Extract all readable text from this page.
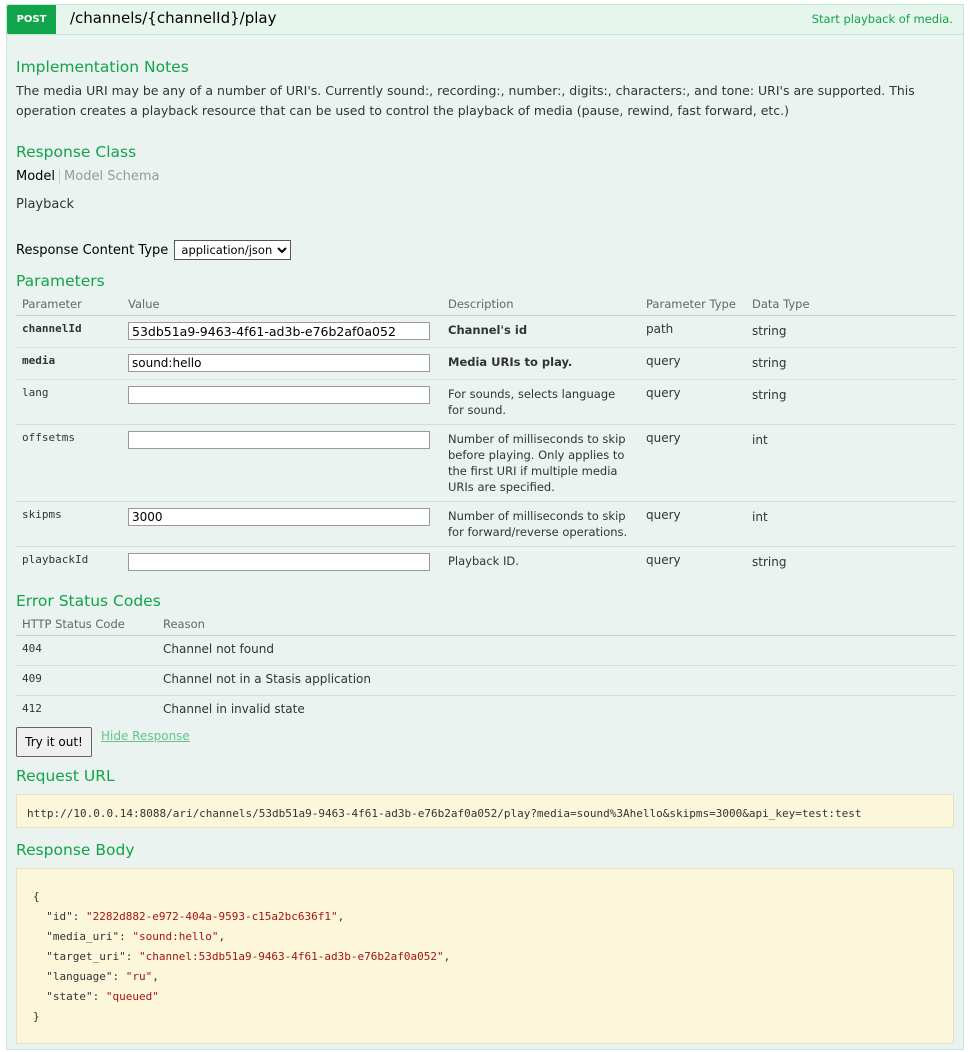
POST	/channels/{channelId}/play	Start playback of media.
Implementation Notes
The media URI may be any of a number of URI's. Currently sound:, recording:, number:, digits:, characters:, and tone: URI's are supported. This operation creates a playback resource that can be used to control the playback of media (pause, rewind, fast forward, etc.)
Response Class
Model Model Schema
Playback
Response Content Type
application/json
Parameters
Parameter	Value	Description	Parameter Type	Data Type
channelId	53db51a9-9463-4f61-ad3b-e76b2af0a052	Channel's id	path	string
media	sound:hello	Media URIs to play.	query	string
lang		For sounds, selects language for sound.	query	string
offsetms		Number of milliseconds to skip before playing. Only applies to the first URI if multiple media URIs are specified.	query	int
skipms	3000	Number of milliseconds to skip for forward/reverse operations.	query	int
playbackId		Playback ID.	query	string
Error Status Codes
HTTP Status Code	Reason
404	Channel not found
409	Channel not in a Stasis application
412	Channel in invalid state
Try it out!	Hide Response
Request URL
http://10.0.0.14:8088/ari/channels/53db51a9-9463-4f61-ad3b-e76b2af0a052/play?media=sound%3Ahello&skipms=3000&api_key=test:test
Response Body
{
"id": "2282d882-e972-404a-9593-c15a2bc636f1",
"media_uri": "sound:hello",
"target_uri": "channel:53db51a9-9463-4f61-ad3b-e76b2af0a052",
"language": "ru",
"state": "queued"
}
